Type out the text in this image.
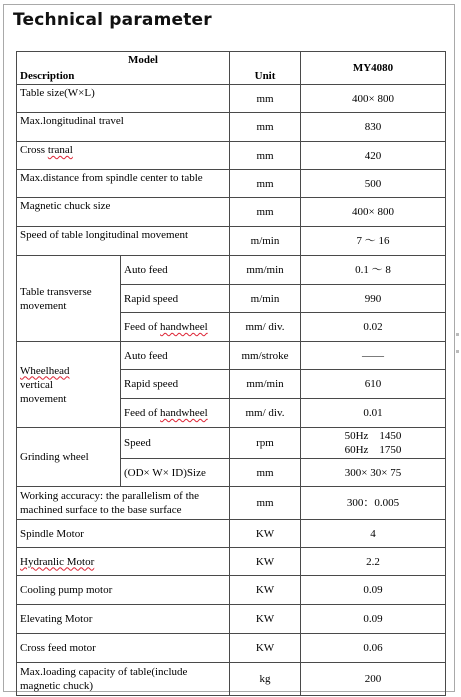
Technical parameter
Model
Description		Unit	MY4080
Table size(W×L)		mm	400× 800
Max.longitudinal travel		mm	830
Cross tranal		mm	420
Max.distance from spindle center to table		mm	500
Magnetic chuck size		mm	400× 800
Speed of table longitudinal movement		m/min	7 ～ 16
Table transverse
movement	Auto feed	mm/min	0.1 ～ 8
	Rapid speed	m/min	990
	Feed of handwheel	mm/ div.	0.02
Wheelhead
vertical
movement	Auto feed	mm/stroke	——
	Rapid speed	mm/min	610
	Feed of handwheel	mm/ div.	0.01
Grinding wheel	Speed	rpm	50Hz    1450
60Hz    1750

	(OD× W× ID)Size	mm	300× 30× 75

Working accuracy: the parallelism of the
machined surface to the base surface		mm	300：0.005
Spindle Motor		KW	4
Hydranlic Motor		KW	2.2
Cooling pump motor		KW	0.09
Elevating Motor		KW	0.09
Cross feed motor		KW	0.06

Max.loading capacity of table(include
magnetic chuck)		kg	200
